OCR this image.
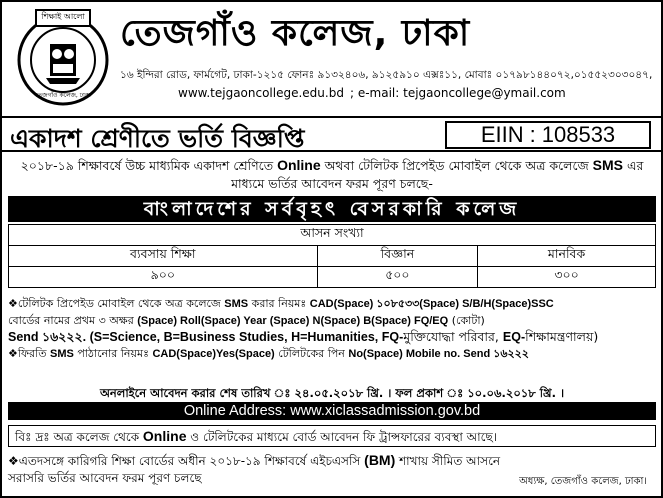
শিক্ষাই আলো
তেজগাঁও কলেজ, ঢাকা
তেজগাঁও কলেজ, ঢাকা
১৬ ইন্দিরা রোড, ফার্মগেট, ঢাকা-১২১৫ ফোনঃ ৯১৩২৪০৬, ৯১২৫৯১০ এক্সঃ১১, মোবাঃ ০১৭৯৮১৪৪০৭২,০১৫৫২৩০৩০৪৭,
www.tejgaoncollege.edu.bd ; e-mail: tejgaoncollege@ymail.com
একাদশ শ্রেণীতে ভর্তি বিজ্ঞপ্তি	EIIN : 108533
২০১৮-১৯ শিক্ষাবর্ষে উচ্চ মাধ্যমিক একাদশ শ্রেণিতে Online অথবা টেলিটক প্রিপেইড মোবাইল থেকে অত্র কলেজে SMS এর মাধ্যমে ভর্তির আবেদন ফরম পূরণ চলছে-
বাংলাদেশের সর্ববৃহৎ বেসরকারি কলেজ
আসন সংখ্যা		
ব্যবসায় শিক্ষা	বিজ্ঞান	মানবিক
৯০০	৫০০	৩০০
❖টেলিটক প্রিপেইড মোবাইল থেকে অত্র কলেজে SMS করার নিয়মঃ CAD(Space) ১০৮৫৩৩(Space) S/B/H(Space)SSC
বোর্ডের নামের প্রথম ৩ অক্ষর (Space) Roll(Space) Year (Space) N(Space) B(Space) FQ/EQ (কোটা)
Send ১৬২২২. (S=Science, B=Business Studies, H=Humanities, FQ-মুক্তিযোদ্ধা পরিবার, EQ-শিক্ষামন্ত্রণালয়)
❖ফিরতি SMS পাঠানোর নিয়মঃ CAD(Space)Yes(Space) টেলিটকের পিন No(Space) Mobile no. Send ১৬২২২
অনলাইনে আবেদন করার শেষ তারিখ ঃ ২৪.০৫.২০১৮ খ্রি. । ফল প্রকাশ ঃ ১০.০৬.২০১৮ খ্রি. ।
Online Address: www.xiclassadmission.gov.bd
বিঃ দ্রঃ অত্র কলেজ থেকে Online ও টেলিটকের মাধ্যমে বোর্ড আবেদন ফি ট্রান্সফারের ব্যবস্থা আছে।
❖এতদসঙ্গে কারিগরি শিক্ষা বোর্ডের অধীন ২০১৮-১৯ শিক্ষাবর্ষে এইচএসসি (BM) শাখায় সীমিত আসনে
সরাসরি ভর্তির আবেদন ফরম পূরণ চলছে	অধ্যক্ষ, তেজগাঁও কলেজ, ঢাকা।
